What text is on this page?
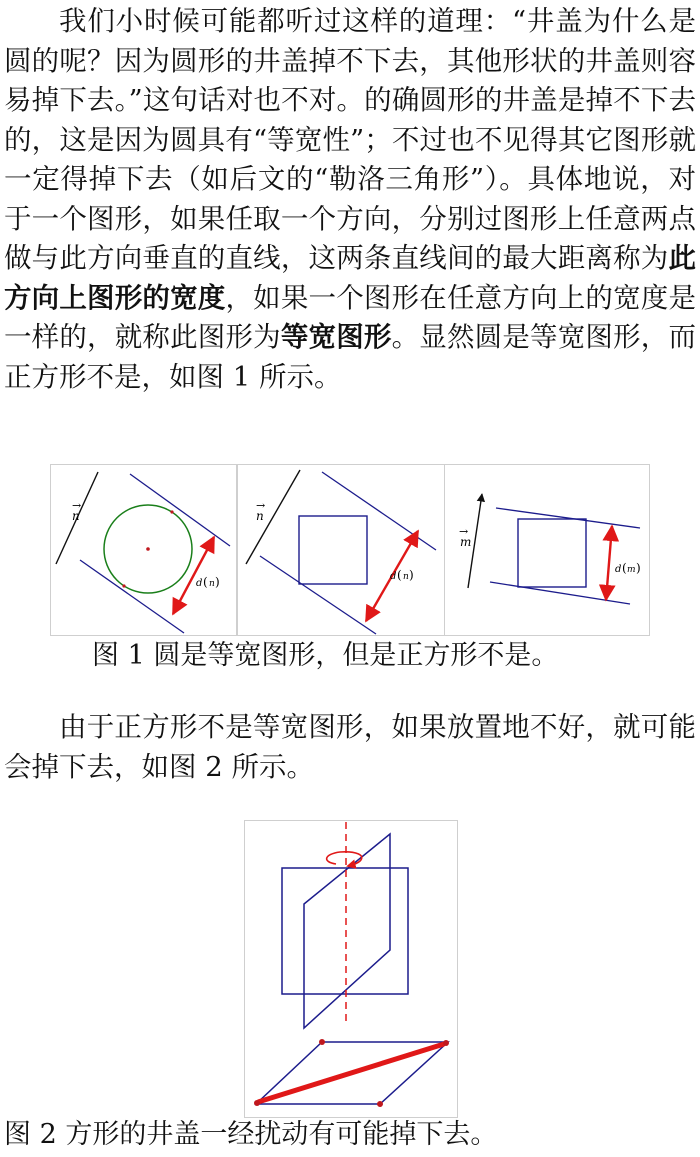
我们小时候可能都听过这样的道理：“井盖为什么是圆的呢？因为圆形的井盖掉不下去，其他形状的井盖则容易掉下去。”这句话对也不对。的确圆形的井盖是掉不下去的，这是因为圆具有“等宽性”；不过也不见得其它图形就一定得掉下去（如后文的“勒洛三角形”）。具体地说，对于一个图形，如果任取一个方向，分别过图形上任意两点做与此方向垂直的直线，这两条直线间的最大距离称为此方向上图形的宽度，如果一个图形在任意方向上的宽度是一样的，就称此图形为等宽图形。显然圆是等宽图形，而正方形不是，如图 1 所示。

n
→
d ( n )
n
→
d ( n )
m
→
d ( m )
图 1 圆是等宽图形，但是正方形不是。

由于正方形不是等宽图形，如果放置地不好，就可能会掉下去，如图 2 所示。

图 2 方形的井盖一经扰动有可能掉下去。
